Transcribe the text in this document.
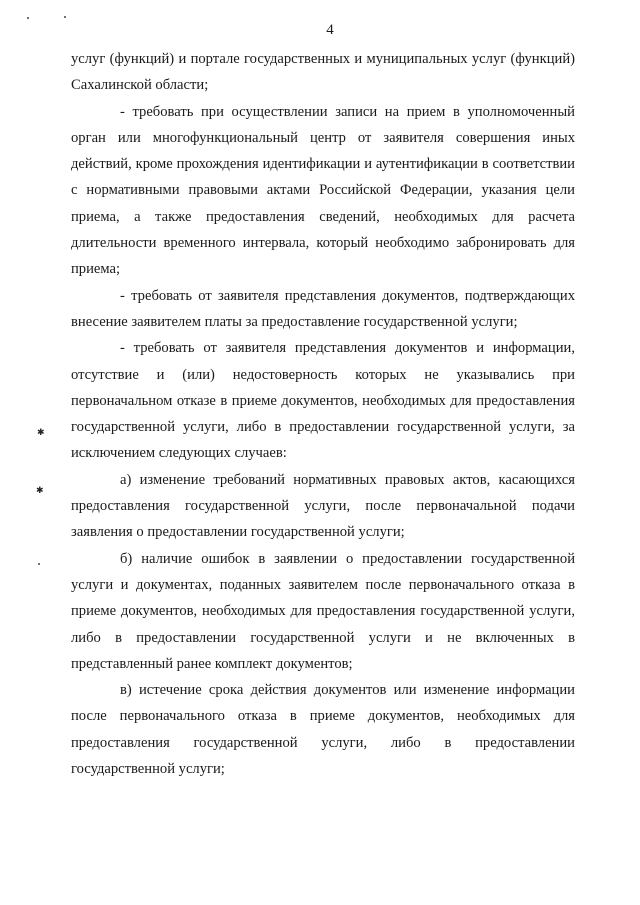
✱
✱
4

услуг (функций) и портале государственных и муниципальных услуг (функций) Сахалинской области;

- требовать при осуществлении записи на прием в уполномоченный орган или многофункциональный центр от заявителя совершения иных действий, кроме прохождения идентификации и аутентификации в соответствии с нормативными правовыми актами Российской Федерации, указания цели приема, а также предоставления сведений, необходимых для расчета длительности временного интервала, который необходимо забронировать для приема;

- требовать от заявителя представления документов, подтверждающих внесение заявителем платы за предоставление государственной услуги;

- требовать от заявителя представления документов и информации, отсутствие и (или) недостоверность которых не указывались при первоначальном отказе в приеме документов, необходимых для предоставления государственной услуги, либо в предоставлении государственной услуги, за исключением следующих случаев:

а) изменение требований нормативных правовых актов, касающихся предоставления государственной услуги, после первоначальной подачи заявления о предоставлении государственной услуги;

б) наличие ошибок в заявлении о предоставлении государственной услуги и документах, поданных заявителем после первоначального отказа в приеме документов, необходимых для предоставления государственной услуги, либо в предоставлении государственной услуги и не включенных в представленный ранее комплект документов;

в) истечение срока действия документов или изменение информации после первоначального отказа в приеме документов, необходимых для предоставления государственной услуги, либо в предоставлении государственной услуги;
